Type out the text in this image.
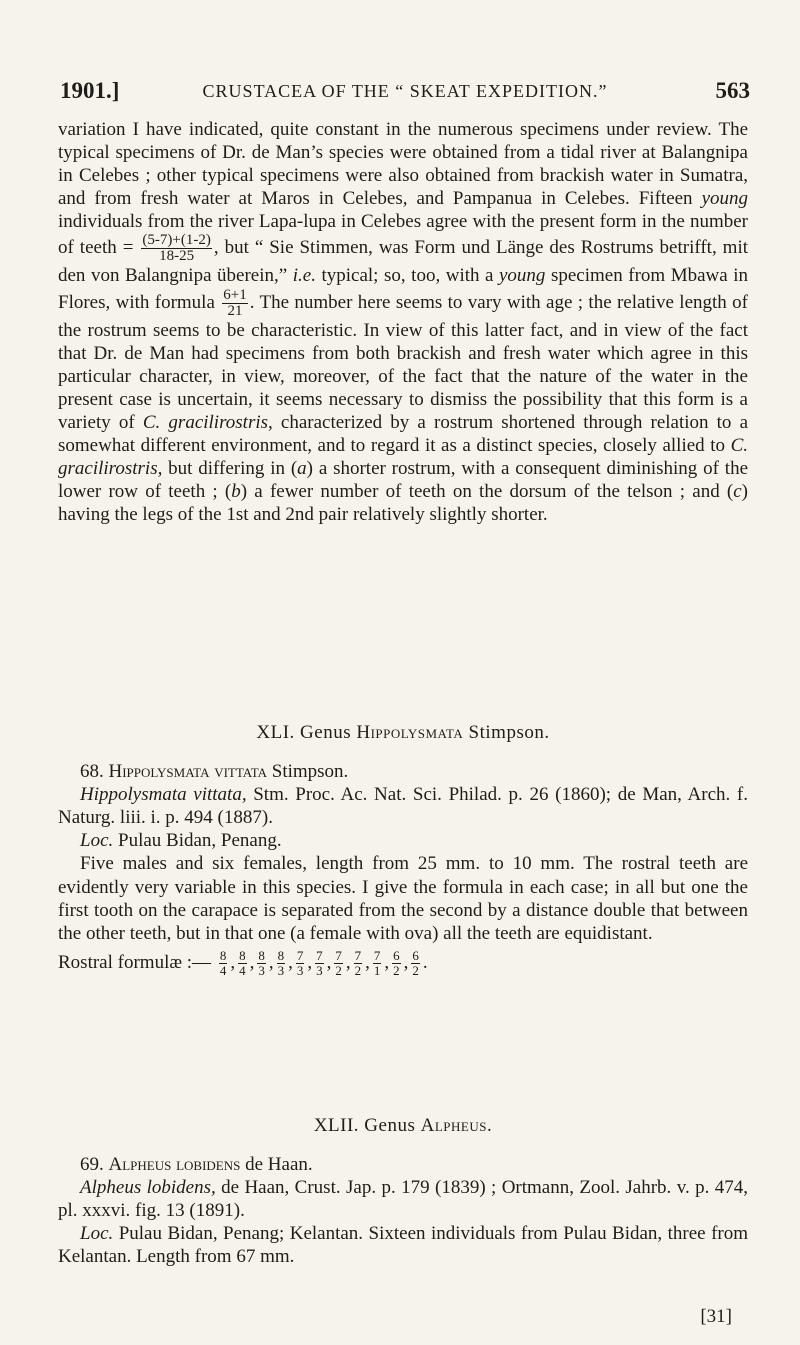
1901.]	CRUSTACEA OF THE “ SKEAT EXPEDITION.”	563

variation I have indicated, quite constant in the numerous specimens under review. The typical specimens of Dr. de Man’s species were obtained from a tidal river at Balangnipa in Celebes ; other typical specimens were also obtained from brackish water in Sumatra, and from fresh water at Maros in Celebes, and Pampanua in Celebes. Fifteen young individuals from the river Lapa-lupa in Celebes agree with the present form in the number of teeth = $\frac{(5-7)+(1-2)}{18-25}$ , but “ Sie Stimmen, was Form und Länge des Rostrums betrifft, mit den von Balangnipa überein,” i.e. typical; so, too, with a young specimen from Mbawa in Flores, with formula $\frac{6+1}{21}$ . The number here seems to vary with age ; the relative length of the rostrum seems to be characteristic. In view of this latter fact, and in view of the fact that Dr. de Man had specimens from both brackish and fresh water which agree in this particular character, in view, moreover, of the fact that the nature of the water in the present case is uncertain, it seems necessary to dismiss the possibility that this form is a variety of C. gracilirostris, characterized by a rostrum shortened through relation to a somewhat different environment, and to regard it as a distinct species, closely allied to C. gracilirostris, but differing in (a) a shorter rostrum, with a consequent diminishing of the lower row of teeth ; (b) a fewer number of teeth on the dorsum of the telson ; and (c) having the legs of the 1st and 2nd pair relatively slightly shorter.

XLI. Genus Hippolysmata Stimpson.

68. Hippolysmata vittata Stimpson.

Hippolysmata vittata, Stm. Proc. Ac. Nat. Sci. Philad. p. 26 (1860); de Man, Arch. f. Naturg. liii. i. p. 494 (1887).

Loc. Pulau Bidan, Penang.

Five males and six females, length from 25 mm. to 10 mm. The rostral teeth are evidently very variable in this species. I give the formula in each case; in all but one the first tooth on the carapace is separated from the second by a distance double that between the other teeth, but in that one (a female with ova) all the teeth are equidistant.

Rostral formulæ :— $\frac{8}{4}$ , $\frac{8}{4}$ , $\frac{8}{3}$ , $\frac{8}{3}$ , $\frac{7}{3}$ , $\frac{7}{3}$ , $\frac{7}{2}$ , $\frac{7}{2}$ , $\frac{7}{1}$ , $\frac{6}{2}$ , $\frac{6}{2}$ .

XLII. Genus Alpheus.

69. Alpheus lobidens de Haan.

Alpheus lobidens, de Haan, Crust. Jap. p. 179 (1839) ; Ortmann, Zool. Jahrb. v. p. 474, pl. xxxvi. fig. 13 (1891).

Loc. Pulau Bidan, Penang; Kelantan. Sixteen individuals from Pulau Bidan, three from Kelantan. Length from 67 mm.

[31]
